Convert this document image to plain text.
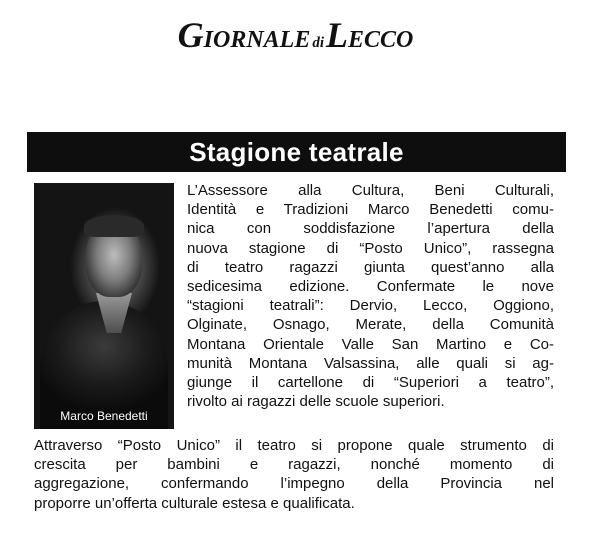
GIORNALE diLECCO
Stagione teatrale
Marco Benedetti
L’Assessore alla Cultura, Beni Culturali,
Identità e Tradizioni Marco Benedetti comu-
nica con soddisfazione l’apertura della
nuova stagione di “Posto Unico”, rassegna
di teatro ragazzi giunta quest’anno alla
sedicesima edizione. Confermate le nove
“stagioni teatrali”: Dervio, Lecco, Oggiono,
Olginate, Osnago, Merate, della Comunità
Montana Orientale Valle San Martino e Co-
munità Montana Valsassina, alle quali si ag-
giunge il cartellone di “Superiori a teatro”,
rivolto ai ragazzi delle scuole superiori.
Attraverso “Posto Unico” il teatro si propone quale strumento di
crescita per bambini e ragazzi, nonché momento di
aggregazione, confermando l’impegno della Provincia nel
proporre un’offerta culturale estesa e qualificata.
